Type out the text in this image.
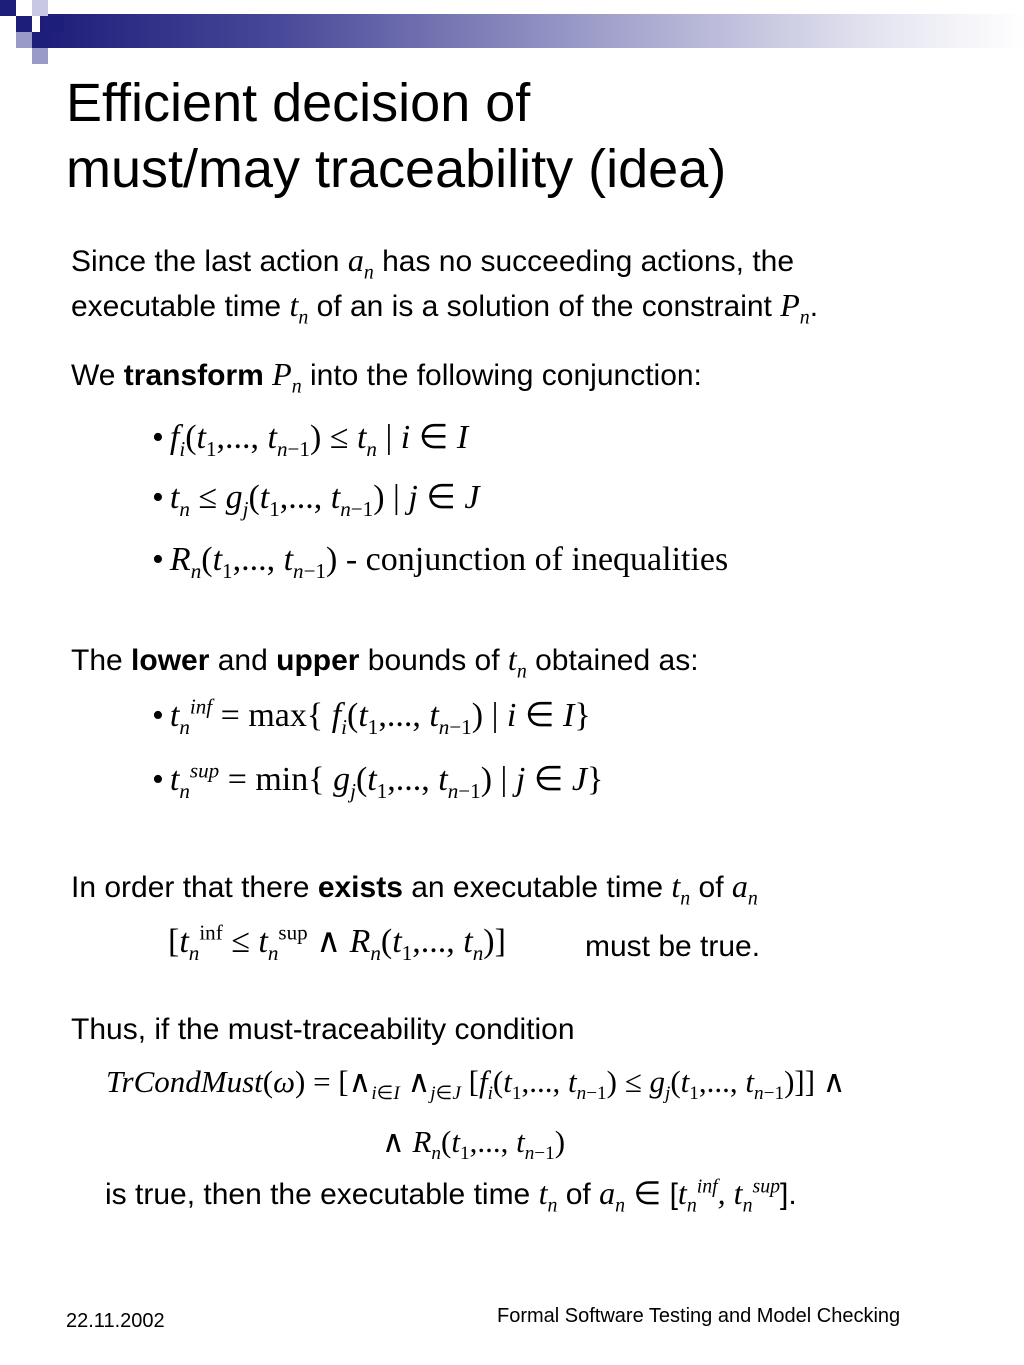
Efficient decision of
must/may traceability (idea)
Since the last action $a_n$ has no succeeding actions, the
executable time $t_n$ of an is a solution of the constraint $P_n$.
We transform $P_n$ into the following conjunction:
• $f_i(t_1$,..., $t_{n-1}) \le t_n$ | i ∈ I
• $t_n \le g_j(t_1$,..., $t_{n-1}$) | j ∈ J
• $R_n(t_1$,..., $t_{n-1}$) - conjunction of inequalities
The lower and upper bounds of $t_n$ obtained as:
• $t_n^{inf} = \max${ $f_i(t_1$,..., $t_{n-1}$) | i ∈ I}
• $t_n^{sup} = \min${ $g_j(t_1$,..., $t_{n-1}$) | j ∈ J}
In order that there exists an executable time $t_n$ of $a_n$
[$t_n^{inf} \le t_n^{sup}$ ∧ $R_n(t_1$,..., $t_n$)]	must be true.
Thus, if the must-traceability condition
TrCondMust(ω) = [$\wedge_{i\in I}$ $\wedge_{j\in J}$ [$f_i(t_1$,..., $t_{n-1}) \le g_j(t_1$,..., $t_{n-1}$)]] ∧
∧ $R_n(t_1$,..., $t_{n-1}$)
is true, then the executable time $t_n$ of $a_n$ ∈ [$t_n^{inf}$, $t_n^{sup}$].
22.11.2002	Formal Software Testing and Model Checking
